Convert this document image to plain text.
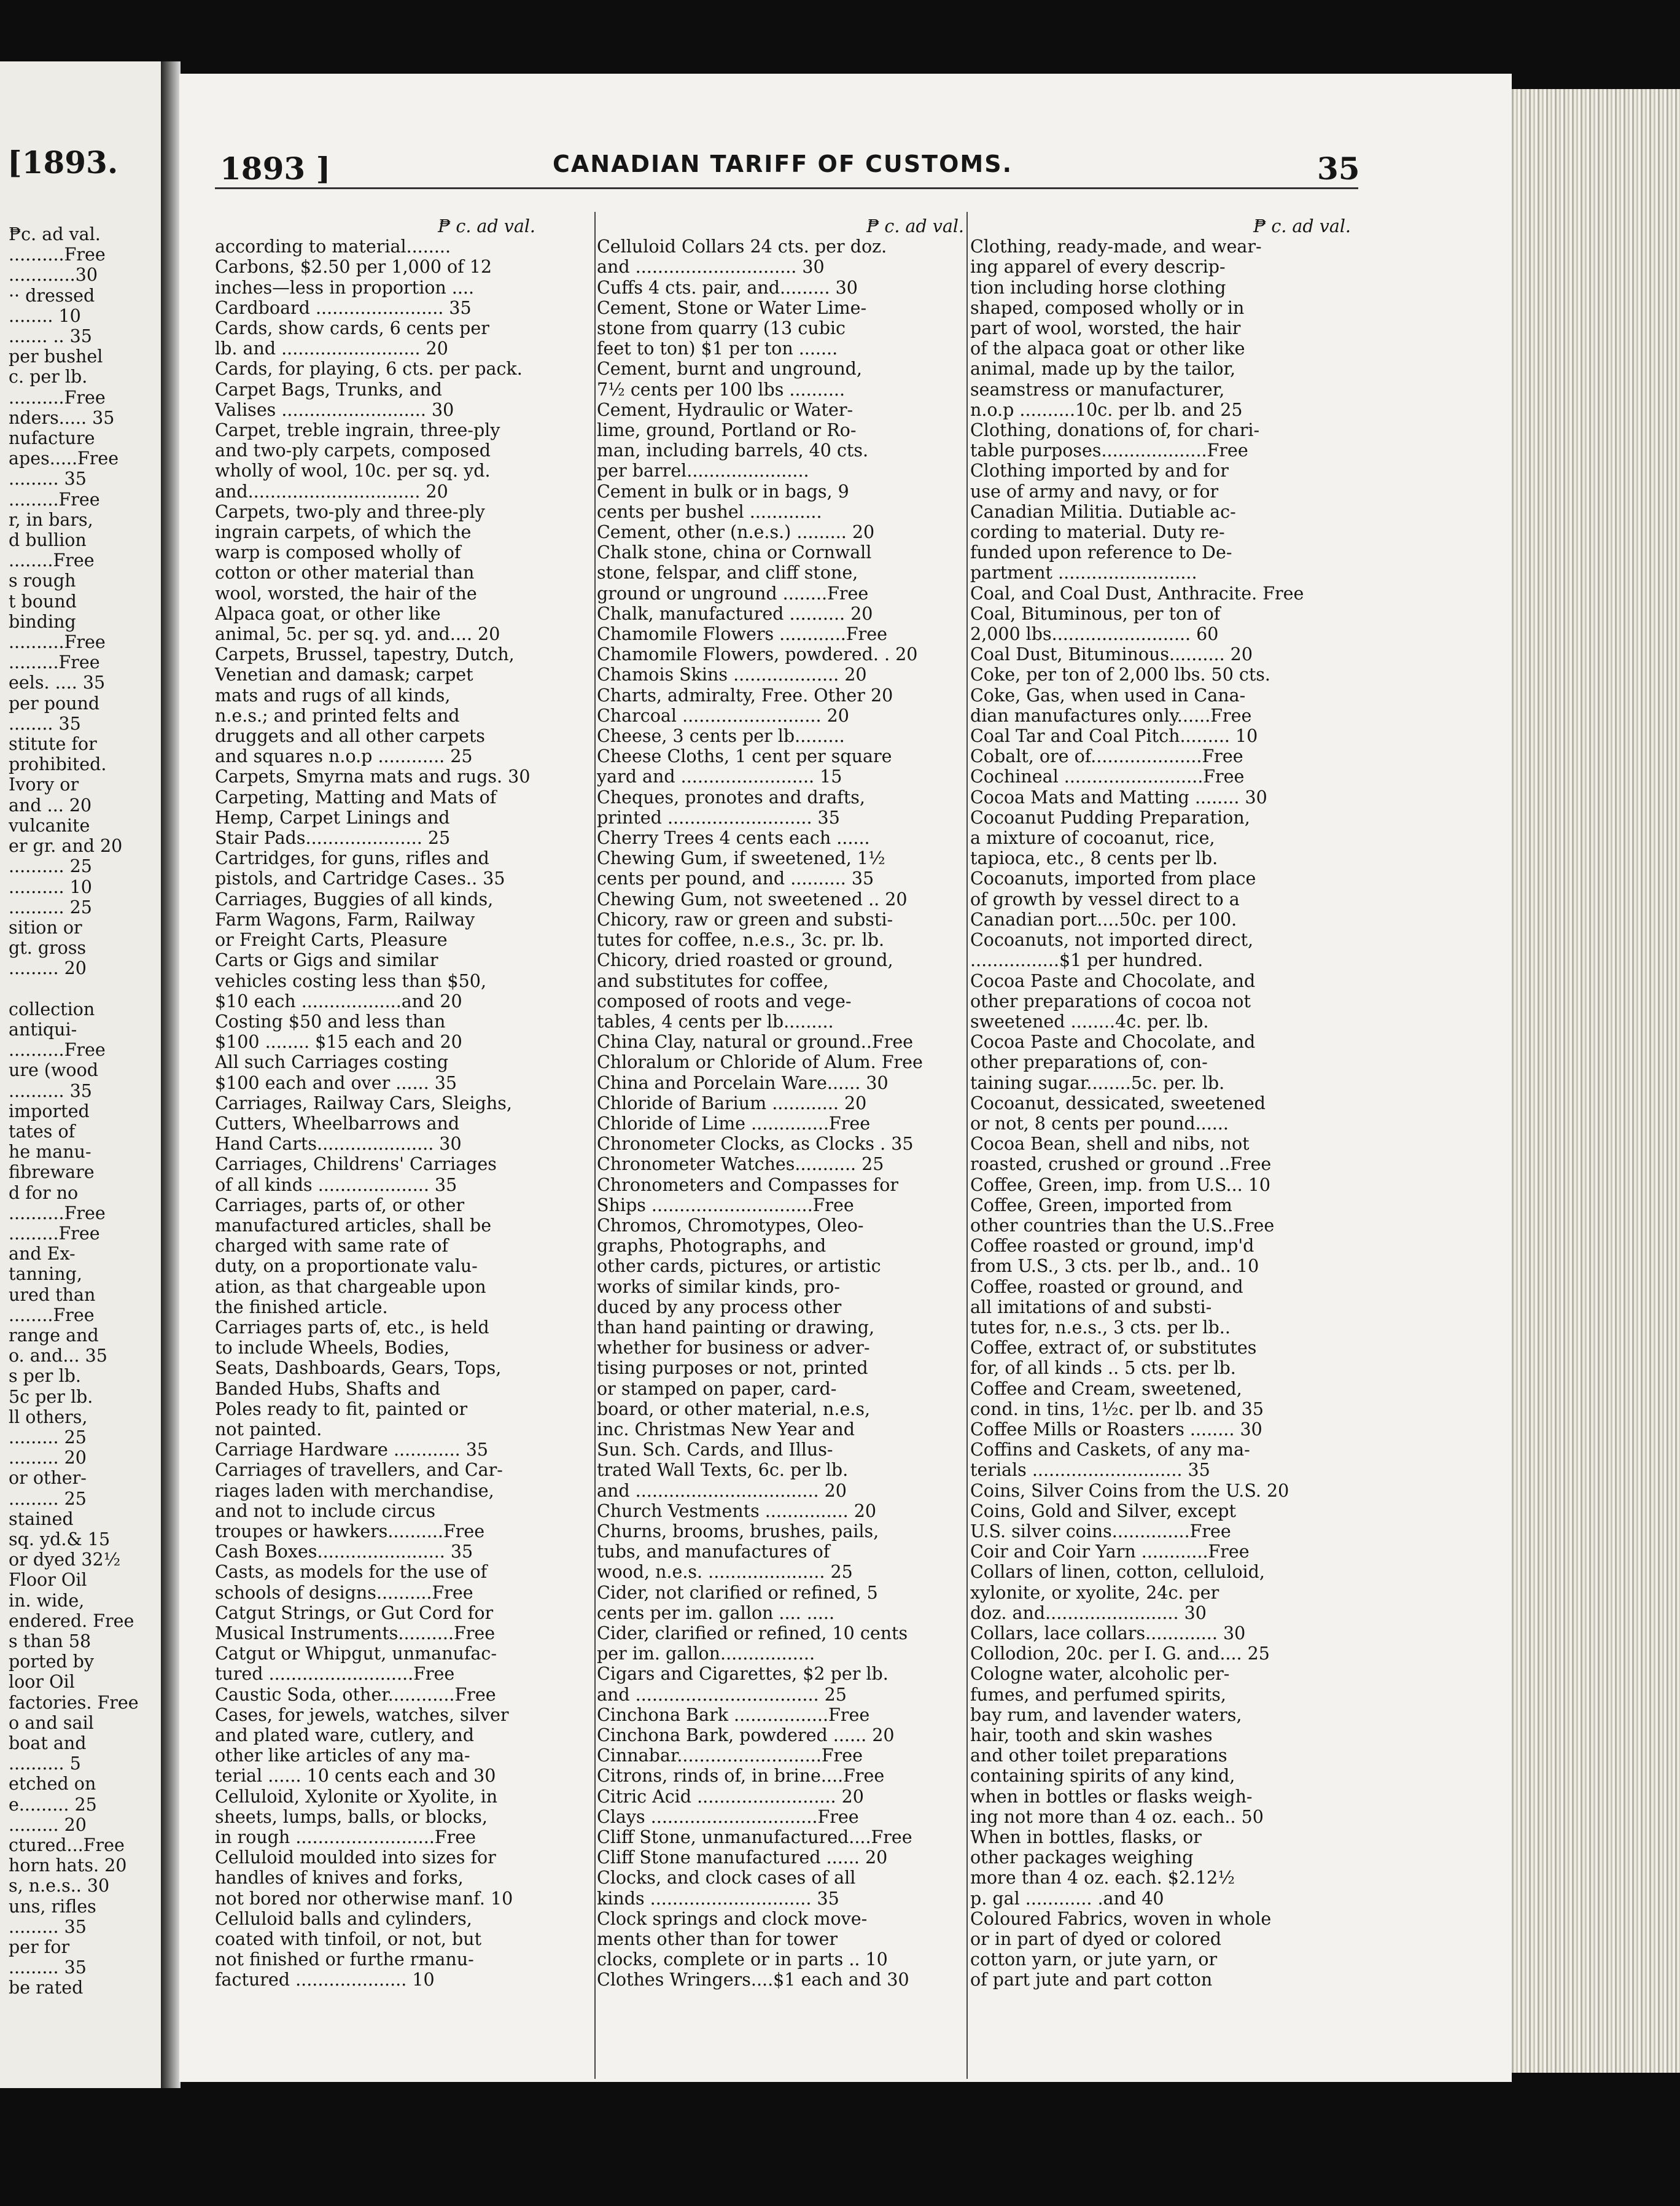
[1893.
₱c. ad val.
..........Free
............30
·· dressed
........ 10
....... .. 35
per bushel
c. per lb.
..........Free
nders..... 35
nufacture
apes.....Free
......... 35
.........Free
r, in bars,
d bullion
........Free
s rough
t bound
binding
..........Free
.........Free
eels. .... 35
per pound
........ 35
stitute for
prohibited.
Ivory or
and ... 20
vulcanite
er gr. and 20
.......... 25
.......... 10
.......... 25
sition or
gt. gross
......... 20

collection
antiqui-
..........Free
ure (wood
.......... 35
imported
tates of
he manu-
fibreware
d for no
..........Free
.........Free
and Ex-
tanning,
ured than
........Free
range and
o. and... 35
s per lb.
5c per lb.
ll others,
......... 25
......... 20
or other-
......... 25
stained
sq. yd.& 15
or dyed 32½
Floor Oil
in. wide,
endered. Free
s than 58
ported by
loor Oil
factories. Free
o and sail
boat and
.......... 5
etched on
e......... 25
......... 20
ctured...Free
horn hats. 20
s, n.e.s.. 30
uns, rifles
......... 35
per for
......... 35
be rated
1893 ]	CANADIAN TARIFF OF CUSTOMS.	35
₱ c. ad val.
according to material........
Carbons, $2.50 per 1,000 of 12
inches—less in proportion ....
Cardboard ....................... 35
Cards, show cards, 6 cents per
lb. and ......................... 20
Cards, for playing, 6 cts. per pack.
Carpet Bags, Trunks, and
Valises .......................... 30
Carpet, treble ingrain, three-ply
and two-ply carpets, composed
wholly of wool, 10c. per sq. yd.
and............................... 20
Carpets, two-ply and three-ply
ingrain carpets, of which the
warp is composed wholly of
cotton or other material than
wool, worsted, the hair of the
Alpaca goat, or other like
animal, 5c. per sq. yd. and.... 20
Carpets, Brussel, tapestry, Dutch,
Venetian and damask; carpet
mats and rugs of all kinds,
n.e.s.; and printed felts and
druggets and all other carpets
and squares n.o.p ............ 25
Carpets, Smyrna mats and rugs. 30
Carpeting, Matting and Mats of
Hemp, Carpet Linings and
Stair Pads..................... 25
Cartridges, for guns, rifles and
pistols, and Cartridge Cases.. 35
Carriages, Buggies of all kinds,
Farm Wagons, Farm, Railway
or Freight Carts, Pleasure
Carts or Gigs and similar
vehicles costing less than $50,
$10 each ..................and 20
Costing $50 and less than
$100 ........ $15 each and 20
All such Carriages costing
$100 each and over ...... 35
Carriages, Railway Cars, Sleighs,
Cutters, Wheelbarrows and
Hand Carts..................... 30
Carriages, Childrens' Carriages
of all kinds .................... 35
Carriages, parts of, or other
manufactured articles, shall be
charged with same rate of
duty, on a proportionate valu-
ation, as that chargeable upon
the finished article.
Carriages parts of, etc., is held
to include Wheels, Bodies,
Seats, Dashboards, Gears, Tops,
Banded Hubs, Shafts and
Poles ready to fit, painted or
not painted.
Carriage Hardware ............ 35
Carriages of travellers, and Car-
riages laden with merchandise,
and not to include circus
troupes or hawkers..........Free
Cash Boxes....................... 35
Casts, as models for the use of
schools of designs..........Free
Catgut Strings, or Gut Cord for
Musical Instruments..........Free
Catgut or Whipgut, unmanufac-
tured ..........................Free
Caustic Soda, other............Free
Cases, for jewels, watches, silver
and plated ware, cutlery, and
other like articles of any ma-
terial ...... 10 cents each and 30
Celluloid, Xylonite or Xyolite, in
sheets, lumps, balls, or blocks,
in rough .........................Free
Celluloid moulded into sizes for
handles of knives and forks,
not bored nor otherwise manf. 10
Celluloid balls and cylinders,
coated with tinfoil, or not, but
not finished or furthe rmanu-
factured .................... 10
₱ c. ad val.
Celluloid Collars 24 cts. per doz.
and ............................. 30
Cuffs 4 cts. pair, and......... 30
Cement, Stone or Water Lime-
stone from quarry (13 cubic
feet to ton) $1 per ton .......
Cement, burnt and unground,
7½ cents per 100 lbs ..........
Cement, Hydraulic or Water-
lime, ground, Portland or Ro-
man, including barrels, 40 cts.
per barrel......................
Cement in bulk or in bags, 9
cents per bushel .............
Cement, other (n.e.s.) ......... 20
Chalk stone, china or Cornwall
stone, felspar, and cliff stone,
ground or unground ........Free
Chalk, manufactured .......... 20
Chamomile Flowers ............Free
Chamomile Flowers, powdered. . 20
Chamois Skins ................... 20
Charts, admiralty, Free. Other 20
Charcoal ......................... 20
Cheese, 3 cents per lb.........
Cheese Cloths, 1 cent per square
yard and ........................ 15
Cheques, pronotes and drafts,
printed .......................... 35
Cherry Trees 4 cents each ......
Chewing Gum, if sweetened, 1½
cents per pound, and .......... 35
Chewing Gum, not sweetened .. 20
Chicory, raw or green and substi-
tutes for coffee, n.e.s., 3c. pr. lb.
Chicory, dried roasted or ground,
and substitutes for coffee,
composed of roots and vege-
tables, 4 cents per lb.........
China Clay, natural or ground..Free
Chloralum or Chloride of Alum. Free
China and Porcelain Ware...... 30
Chloride of Barium ............ 20
Chloride of Lime ..............Free
Chronometer Clocks, as Clocks . 35
Chronometer Watches........... 25
Chronometers and Compasses for
Ships .............................Free
Chromos, Chromotypes, Oleo-
graphs, Photographs, and
other cards, pictures, or artistic
works of similar kinds, pro-
duced by any process other
than hand painting or drawing,
whether for business or adver-
tising purposes or not, printed
or stamped on paper, card-
board, or other material, n.e.s,
inc. Christmas New Year and
Sun. Sch. Cards, and Illus-
trated Wall Texts, 6c. per lb.
and ................................. 20
Church Vestments ............... 20
Churns, brooms, brushes, pails,
tubs, and manufactures of
wood, n.e.s. ..................... 25
Cider, not clarified or refined, 5
cents per im. gallon .... .....
Cider, clarified or refined, 10 cents
per im. gallon.................
Cigars and Cigarettes, $2 per lb.
and ................................. 25
Cinchona Bark .................Free
Cinchona Bark, powdered ...... 20
Cinnabar..........................Free
Citrons, rinds of, in brine....Free
Citric Acid ......................... 20
Clays ..............................Free
Cliff Stone, unmanufactured....Free
Cliff Stone manufactured ...... 20
Clocks, and clock cases of all
kinds ............................. 35
Clock springs and clock move-
ments other than for tower
clocks, complete or in parts .. 10
Clothes Wringers....$1 each and 30
₱ c. ad val.
Clothing, ready-made, and wear-
ing apparel of every descrip-
tion including horse clothing
shaped, composed wholly or in
part of wool, worsted, the hair
of the alpaca goat or other like
animal, made up by the tailor,
seamstress or manufacturer,
n.o.p ..........10c. per lb. and 25
Clothing, donations of, for chari-
table purposes...................Free
Clothing imported by and for
use of army and navy, or for
Canadian Militia. Dutiable ac-
cording to material. Duty re-
funded upon reference to De-
partment .........................
Coal, and Coal Dust, Anthracite. Free
Coal, Bituminous, per ton of
2,000 lbs......................... 60
Coal Dust, Bituminous.......... 20
Coke, per ton of 2,000 lbs. 50 cts.
Coke, Gas, when used in Cana-
dian manufactures only......Free
Coal Tar and Coal Pitch......... 10
Cobalt, ore of....................Free
Cochineal .........................Free
Cocoa Mats and Matting ........ 30
Cocoanut Pudding Preparation,
a mixture of cocoanut, rice,
tapioca, etc., 8 cents per lb.
Cocoanuts, imported from place
of growth by vessel direct to a
Canadian port....50c. per 100.
Cocoanuts, not imported direct,
................$1 per hundred.
Cocoa Paste and Chocolate, and
other preparations of cocoa not
sweetened ........4c. per. lb.
Cocoa Paste and Chocolate, and
other preparations of, con-
taining sugar........5c. per. lb.
Cocoanut, dessicated, sweetened
or not, 8 cents per pound......
Cocoa Bean, shell and nibs, not
roasted, crushed or ground ..Free
Coffee, Green, imp. from U.S... 10
Coffee, Green, imported from
other countries than the U.S..Free
Coffee roasted or ground, imp'd
from U.S., 3 cts. per lb., and.. 10
Coffee, roasted or ground, and
all imitations of and substi-
tutes for, n.e.s., 3 cts. per lb..
Coffee, extract of, or substitutes
for, of all kinds .. 5 cts. per lb.
Coffee and Cream, sweetened,
cond. in tins, 1½c. per lb. and 35
Coffee Mills or Roasters ........ 30
Coffins and Caskets, of any ma-
terials ........................... 35
Coins, Silver Coins from the U.S. 20
Coins, Gold and Silver, except
U.S. silver coins..............Free
Coir and Coir Yarn ............Free
Collars of linen, cotton, celluloid,
xylonite, or xyolite, 24c. per
doz. and........................ 30
Collars, lace collars............. 30
Collodion, 20c. per I. G. and.... 25
Cologne water, alcoholic per-
fumes, and perfumed spirits,
bay rum, and lavender waters,
hair, tooth and skin washes
and other toilet preparations
containing spirits of any kind,
when in bottles or flasks weigh-
ing not more than 4 oz. each.. 50
When in bottles, flasks, or
other packages weighing
more than 4 oz. each. $2.12½
p. gal ............ .and 40
Coloured Fabrics, woven in whole
or in part of dyed or colored
cotton yarn, or jute yarn, or
of part jute and part cotton
